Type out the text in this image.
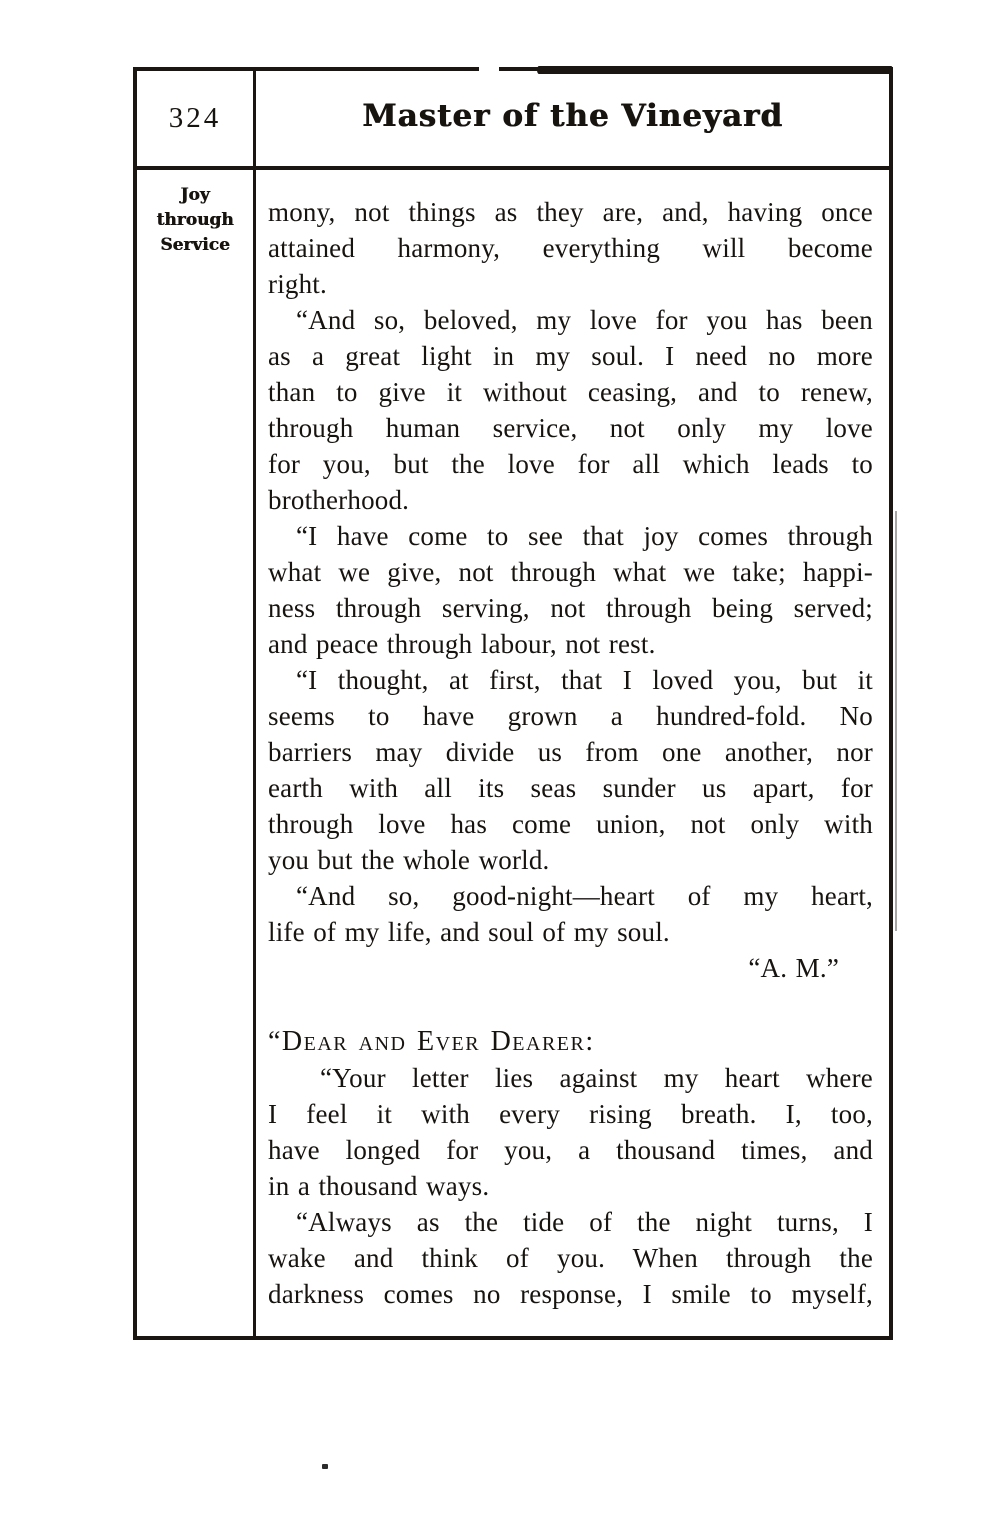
324	Master of the Vineyard
Joy
through
Service
mony, not things as they are, and, having once
attained harmony, everything will become
right.
“And so, beloved, my love for you has been
as a great light in my soul. I need no more
than to give it without ceasing, and to renew,
through human service, not only my love
for you, but the love for all which leads to
brotherhood.
“I have come to see that joy comes through
what we give, not through what we take; happi-
ness through serving, not through being served;
and peace through labour, not rest.
“I thought, at first, that I loved you, but it
seems to have grown a hundred-fold. No
barriers may divide us from one another, nor
earth with all its seas sunder us apart, for
through love has come union, not only with
you but the whole world.
“And so, good-night—heart of my heart,
life of my life, and soul of my soul.
“A. M.”
“Dear and Ever Dearer:
“Your letter lies against my heart where
I feel it with every rising breath. I, too,
have longed for you, a thousand times, and
in a thousand ways.
“Always as the tide of the night turns, I
wake and think of you. When through the
darkness comes no response, I smile to myself,
